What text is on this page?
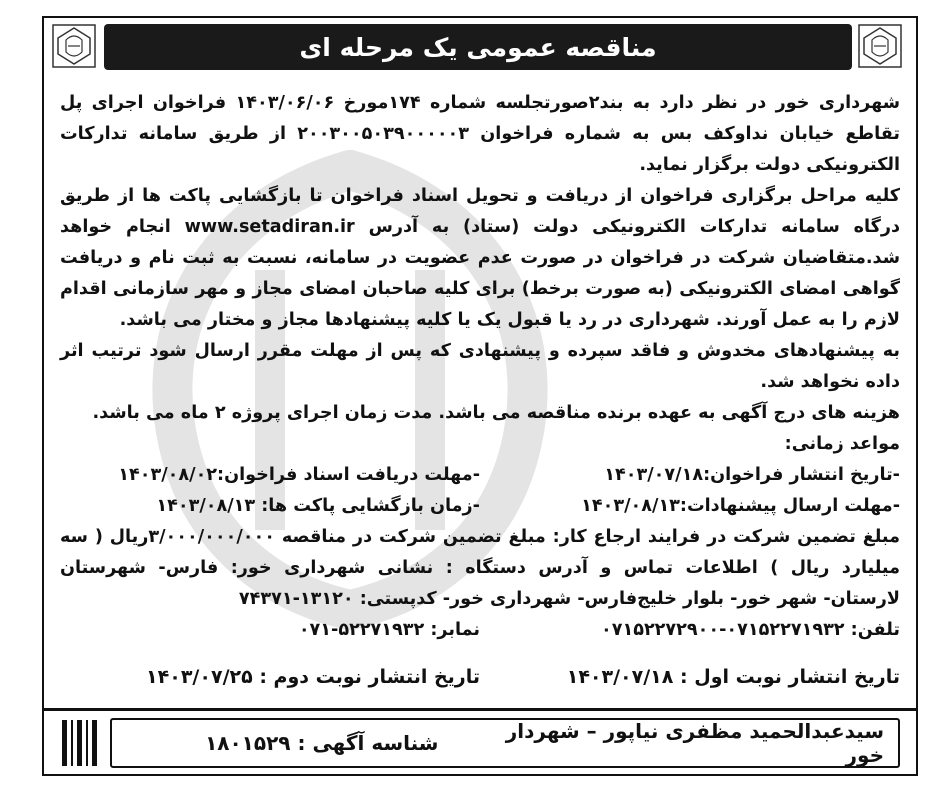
مناقصه عمومی یک مرحله ای

شهرداری خور در نظر دارد به بند۲صورتجلسه شماره ۱۷۴مورخ ۱۴۰۳/۰۶/۰۶ فراخوان اجرای پل تقاطع خیابان نداوکف بس به شماره فراخوان ۲۰۰۳۰۰۵۰۳۹۰۰۰۰۰۳ از طریق سامانه تدارکات الکترونیکی دولت برگزار نماید.

کلیه مراحل برگزاری فراخوان از دریافت و تحویل اسناد فراخوان تا بازگشایی پاکت ها از طریق درگاه سامانه تدارکات الکترونیکی دولت (ستاد) به آدرس www.setadiran.ir انجام خواهد شد.متقاضیان شرکت در فراخوان در صورت عدم عضویت در سامانه، نسبت به ثبت نام و دریافت گواهی امضای الکترونیکی (به صورت برخط) برای کلیه صاحبان امضای مجاز و مهر سازمانی اقدام لازم را به عمل آورند. شهرداری در رد یا قبول یک یا کلیه پیشنهادها مجاز و مختار می باشد.

به پیشنهادهای مخدوش و فاقد سپرده و پیشنهادی که پس از مهلت مقرر ارسال شود ترتیب اثر داده نخواهد شد.

هزینه های درج آگهی به عهده برنده مناقصه می باشد. مدت زمان اجرای پروژه ۲ ماه می باشد.

مواعد زمانی:

-تاریخ انتشار فراخوان:۱۴۰۳/۰۷/۱۸
-مهلت دریافت اسناد فراخوان:۱۴۰۳/۰۸/۰۲
-مهلت ارسال پیشنهادات:۱۴۰۳/۰۸/۱۳
-زمان بازگشایی پاکت ها: ۱۴۰۳/۰۸/۱۳

مبلغ تضمین شرکت در فرایند ارجاع کار: مبلغ تضمین شرکت در مناقصه ۳/۰۰۰/۰۰۰/۰۰۰ریال ( سه میلیارد ریال ) اطلاعات تماس و آدرس دستگاه : نشانی شهرداری خور: فارس- شهرستان لارستان- شهر خور- بلوار خلیج‌فارس- شهرداری خور- کدپستی: ۱۳۱۲۰-۷۴۳۷۱

تلفن: ۰۷۱۵۲۲۷۱۹۳۲-۰۷۱۵۲۲۷۲۹۰۰
نمابر: ۵۲۲۷۱۹۳۲-۰۷۱
تاریخ انتشار نوبت اول : ۱۴۰۳/۰۷/۱۸
تاریخ انتشار نوبت دوم : ۱۴۰۳/۰۷/۲۵
سیدعبدالحمید مظفری نیاپور – شهردار خور
شناسه آگهی : ۱۸۰۱۵۲۹
